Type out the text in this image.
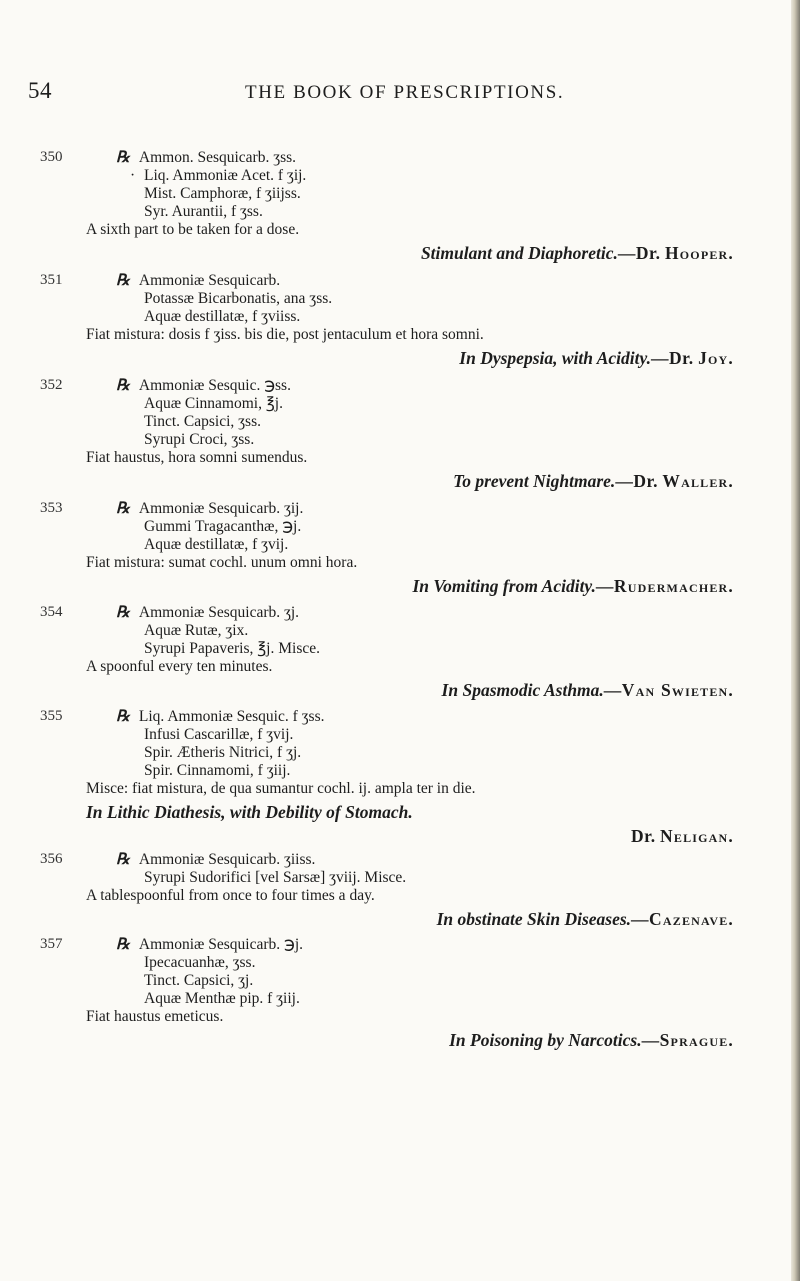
54	THE BOOK OF PRESCRIPTIONS.
350	℞ Ammon. Sesquicarb. ʒss.
· Liq. Ammoniæ Acet. f ʒij.
Mist. Camphoræ, f ʒiijss.
Syr. Aurantii, f ʒss.
A sixth part to be taken for a dose.
Stimulant and Diaphoretic.—Dr. Hooper.
351	℞ Ammoniæ Sesquicarb.
Potassæ Bicarbonatis, ana ʒss.
Aquæ destillatæ, f ʒviiss.
Fiat mistura: dosis f ʒiss. bis die, post jentaculum et hora somni.
In Dyspepsia, with Acidity.—Dr. Joy.
352	℞ Ammoniæ Sesquic. ℈ss.
Aquæ Cinnamomi, ℥j.
Tinct. Capsici, ʒss.
Syrupi Croci, ʒss.
Fiat haustus, hora somni sumendus.
To prevent Nightmare.—Dr. Waller.
353	℞ Ammoniæ Sesquicarb. ʒij.
Gummi Tragacanthæ, ℈j.
Aquæ destillatæ, f ʒvij.
Fiat mistura: sumat cochl. unum omni hora.
In Vomiting from Acidity.—Rudermacher.
354	℞ Ammoniæ Sesquicarb. ʒj.
Aquæ Rutæ, ʒix.
Syrupi Papaveris, ℥j. Misce.
A spoonful every ten minutes.
In Spasmodic Asthma.—Van Swieten.
355	℞ Liq. Ammoniæ Sesquic. f ʒss.
Infusi Cascarillæ, f ʒvij.
Spir. Ætheris Nitrici, f ʒj.
Spir. Cinnamomi, f ʒiij.
Misce: fiat mistura, de qua sumantur cochl. ij. ampla ter in die.
In Lithic Diathesis, with Debility of Stomach.
Dr. Neligan.
356	℞ Ammoniæ Sesquicarb. ʒiiss.
Syrupi Sudorifici [vel Sarsæ] ʒviij. Misce.
A tablespoonful from once to four times a day.
In obstinate Skin Diseases.—Cazenave.
357	℞ Ammoniæ Sesquicarb. ℈j.
Ipecacuanhæ, ʒss.
Tinct. Capsici, ʒj.
Aquæ Menthæ pip. f ʒiij.
Fiat haustus emeticus.
In Poisoning by Narcotics.—Sprague.
